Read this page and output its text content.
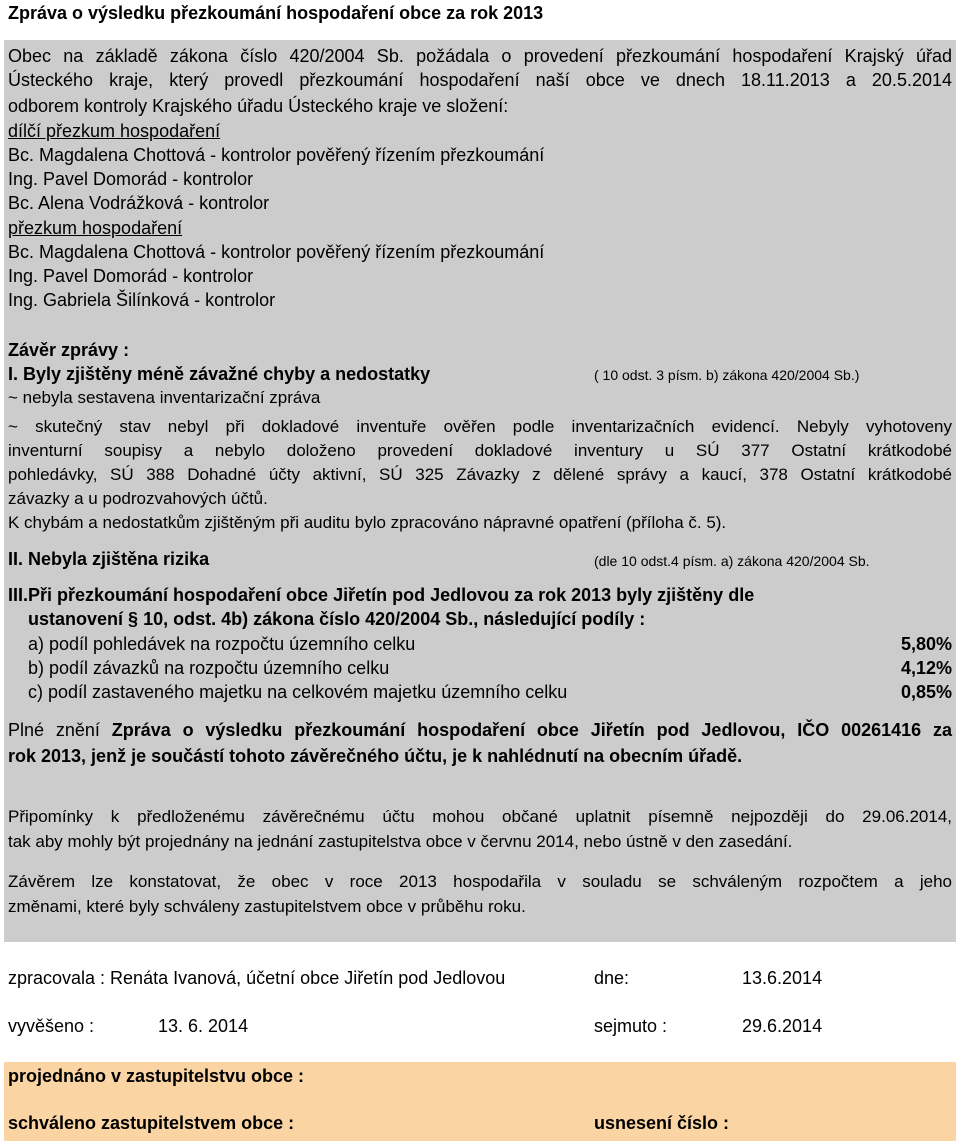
Zpráva o výsledku přezkoumání hospodaření obce za rok 2013
Obec na základě zákona číslo 420/2004 Sb. požádala o provedení přezkoumání hospodaření Krajský úřad
Ústeckého kraje, který provedl přezkoumání hospodaření naší obce ve dnech 18.11.2013 a 20.5.2014
odborem kontroly Krajského úřadu Ústeckého kraje ve složení:
dílčí přezkum hospodaření
Bc. Magdalena Chottová - kontrolor pověřený řízením přezkoumání
Ing. Pavel Domorád - kontrolor
Bc. Alena Vodrážková - kontrolor
přezkum hospodaření
Bc. Magdalena Chottová - kontrolor pověřený řízením přezkoumání
Ing. Pavel Domorád - kontrolor
Ing. Gabriela Šilínková - kontrolor
Závěr zprávy :
I. Byly zjištěny méně závažné chyby a nedostatky	( 10 odst. 3 písm. b) zákona 420/2004 Sb.)
~ nebyla sestavena inventarizační zpráva
~ skutečný stav nebyl při dokladové inventuře ověřen podle inventarizačních evidencí. Nebyly vyhotoveny
inventurní soupisy a nebylo doloženo provedení dokladové inventury u SÚ 377 Ostatní krátkodobé
pohledávky, SÚ 388 Dohadné účty aktivní, SÚ 325 Závazky z dělené správy a kaucí, 378 Ostatní krátkodobé
závazky a u podrozvahových účtů.
K chybám a nedostatkům zjištěným při auditu bylo zpracováno nápravné opatření (příloha č. 5).
II. Nebyla zjištěna rizika	(dle 10 odst.4 písm. a) zákona 420/2004 Sb.
III.Při přezkoumání hospodaření obce Jiřetín pod Jedlovou za rok 2013 byly zjištěny dle
ustanovení § 10, odst. 4b) zákona číslo 420/2004 Sb., následující podíly :
a) podíl pohledávek na rozpočtu územního celku	5,80%
b) podíl závazků na rozpočtu územního celku	4,12%
c) podíl zastaveného majetku na celkovém majetku územního celku	0,85%
Plné znění Zpráva o výsledku přezkoumání hospodaření obce Jiřetín pod Jedlovou, IČO 00261416 za
rok 2013, jenž je součástí tohoto závěrečného účtu, je k nahlédnutí na obecním úřadě.
Připomínky k předloženému závěrečnému účtu mohou občané uplatnit písemně nejpozději do 29.06.2014,
tak aby mohly být projednány na jednání zastupitelstva obce v červnu 2014, nebo ústně v den zasedání.
Závěrem lze konstatovat, že obec v roce 2013 hospodařila v souladu se schváleným rozpočtem a jeho
změnami, které byly schváleny zastupitelstvem obce v průběhu roku.
zpracovala : Renáta Ivanová, účetní obce Jiřetín pod Jedlovou	dne:	13.6.2014
vyvěšeno :	13. 6. 2014	sejmuto :	29.6.2014
projednáno v zastupitelstvu obce :
schváleno zastupitelstvem obce :	usnesení číslo :
